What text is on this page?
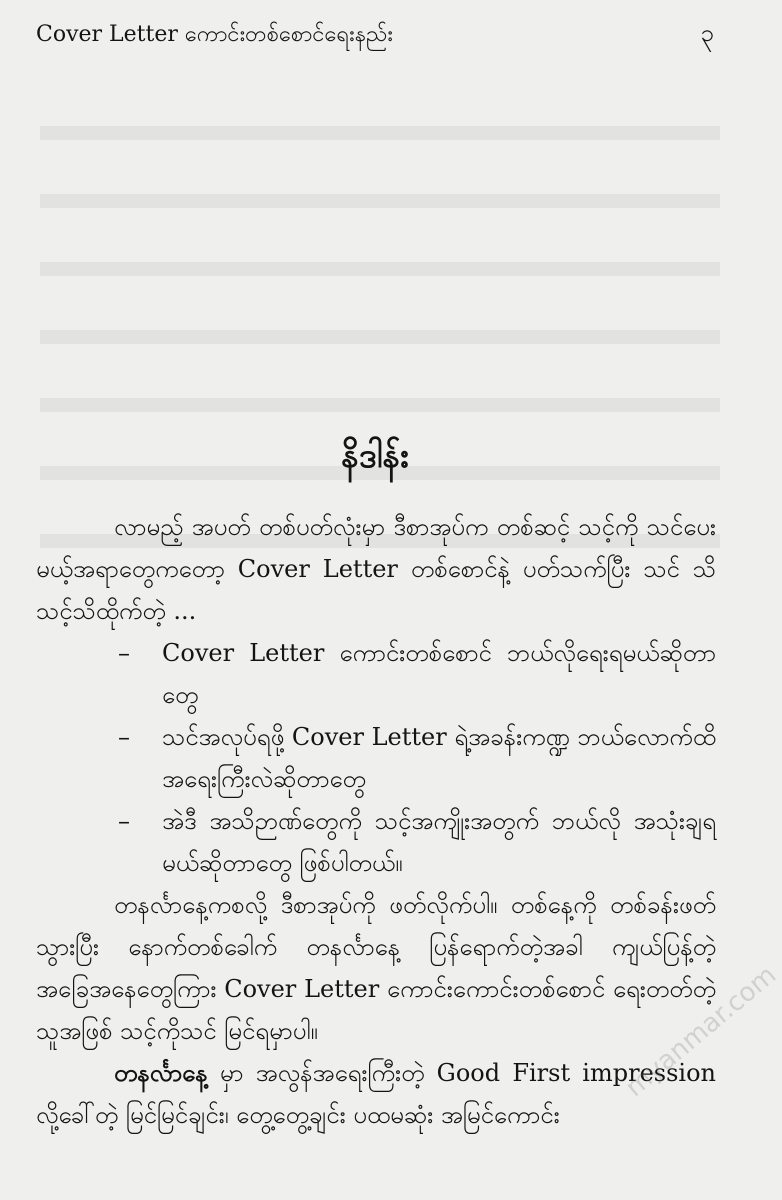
Cover Letter ကောင်းတစ်စောင်ရေးနည်း	၃
နိဒါန်း

လာမည့် အပတ် တစ်ပတ်လုံးမှာ ဒီစာအုပ်က တစ်ဆင့် သင့်ကို သင်ပေးမယ့်အရာတွေကတော့ Cover Letter တစ်စောင်နဲ့ ပတ်သက်ပြီး သင် သိသင့်သိထိုက်တဲ့ ...

– Cover Letter ကောင်းတစ်စောင် ဘယ်လိုရေးရမယ်ဆိုတာတွေ
– သင်အလုပ်ရဖို့ Cover Letter ရဲ့အခန်းကဏ္ဍ ဘယ်လောက်ထိ အရေးကြီးလဲဆိုတာတွေ
– အဲဒီ အသိဉာဏ်တွေကို သင့်အကျိုးအတွက် ဘယ်လို အသုံးချရမယ်ဆိုတာတွေ ဖြစ်ပါတယ်။

တနင်္လာနေ့ကစလို့ ဒီစာအုပ်ကို ဖတ်လိုက်ပါ။ တစ်နေ့ကို တစ်ခန်းဖတ်သွားပြီး နောက်တစ်ခေါက် တနင်္လာနေ့ ပြန်ရောက်တဲ့အခါ ကျယ်ပြန့်တဲ့အခြေအနေတွေကြား Cover Letter ကောင်းကောင်းတစ်စောင် ရေးတတ်တဲ့သူအဖြစ် သင့်ကိုသင် မြင်ရမှာပါ။

တနင်္လာနေ့ မှာ အလွန်အရေးကြီးတဲ့ Good First impression လို့ခေါ်တဲ့ မြင်မြင်ချင်း၊ တွေ့တွေ့ချင်း ပထမဆုံး အမြင်ကောင်း

myanmar.com
